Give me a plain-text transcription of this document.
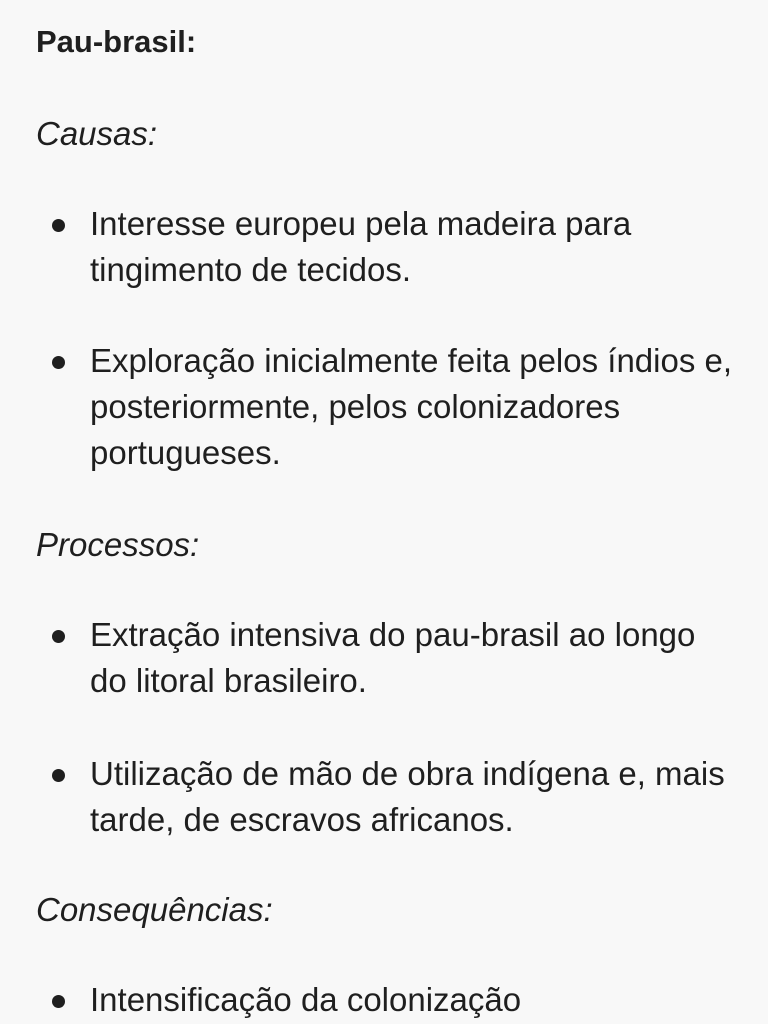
Pau-brasil:

Causas:

Interesse europeu pela madeira para tingimento de tecidos.

Exploração inicialmente feita pelos índios e, posteriormente, pelos colonizadores portugueses.

Processos:

Extração intensiva do pau-brasil ao longo do litoral brasileiro.

Utilização de mão de obra indígena e, mais tarde, de escravos africanos.

Consequências:

Intensificação da colonização
